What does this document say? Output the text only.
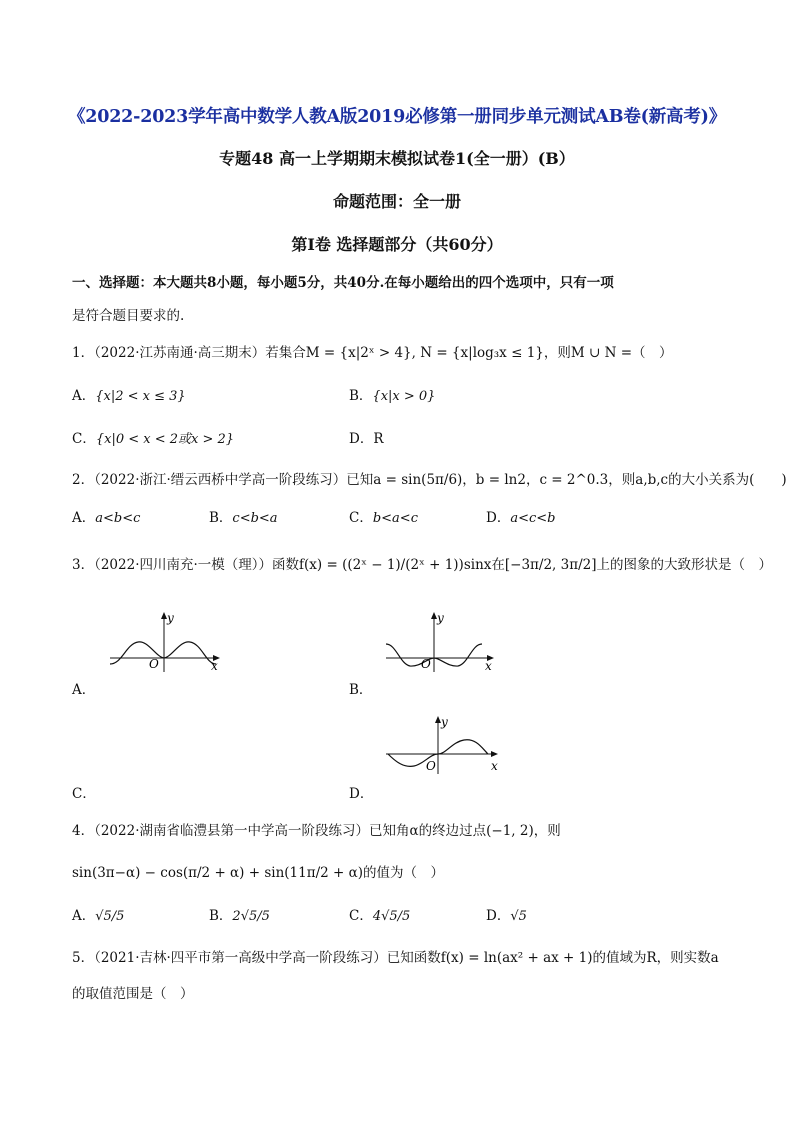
《2022-2023学年高中数学人教A版2019必修第一册同步单元测试AB卷(新高考)》
专题48 高一上学期期末模拟试卷1(全一册）(B）
命题范围：全一册
第Ⅰ卷 选择题部分（共60分）
一、选择题：本大题共8小题，每小题5分，共40分.在每小题给出的四个选项中，只有一项
是符合题目要求的.
1．（2022·江苏南通·高三期末）若集合M = {x|2ˣ > 4}, N = {x|log₃x ≤ 1}，则M ∪ N =（　）
A．{x|2 < x ≤ 3}	B．{x|x > 0}
C．{x|0 < x < 2或x > 2}	D．R
2．（2022·浙江·缙云西桥中学高一阶段练习）已知a = sin(5π/6)，b = ln2，c = 2^0.3，则a,b,c的大小关系为(　　)
A．a<b<c	B．c<b<a	C．b<a<c	D．a<c<b
3．（2022·四川南充·一模（理））函数f(x) = ((2ˣ − 1)/(2ˣ + 1))sinx在[−3π/2, 3π/2]上的图象的大致形状是（　）
y
O	x
A．
y
O	x
B．
y
O	x
C．	D．
4．（2022·湖南省临澧县第一中学高一阶段练习）已知角α的终边过点(−1, 2)，则
sin(3π−α) − cos(π/2 + α) + sin(11π/2 + α)的值为（　）
A．√5/5	B．2√5/5	C．4√5/5	D．√5
5．（2021·吉林·四平市第一高级中学高一阶段练习）已知函数f(x) = ln(ax² + ax + 1)的值域为R，则实数a
的取值范围是（　）
